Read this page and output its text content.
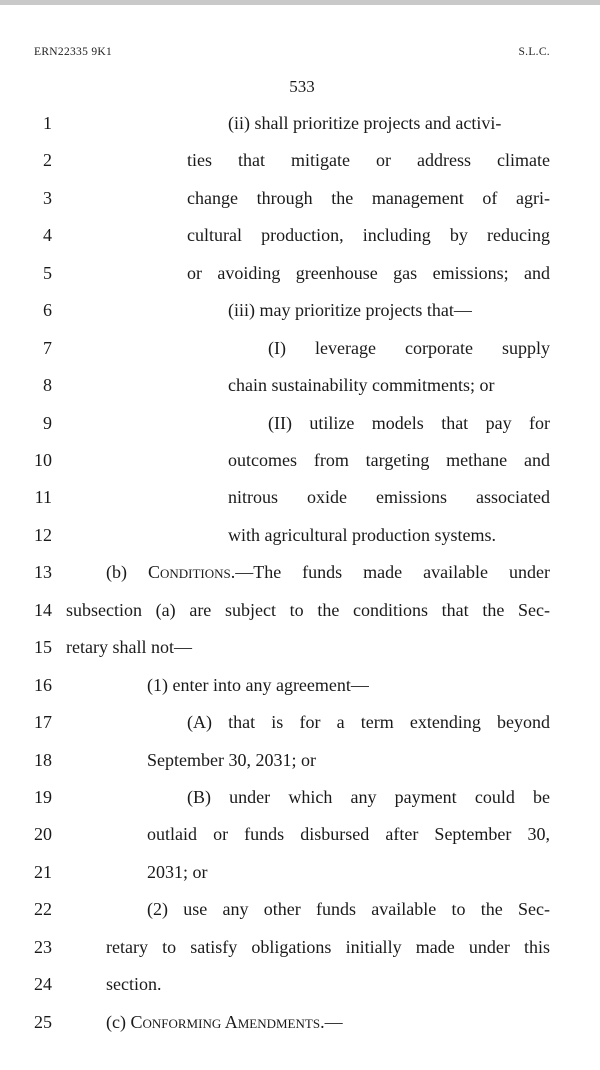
ERN22335 9K1	S.L.C.
533
1	(ii) shall prioritize projects and activi-
2	ties that mitigate or address climate
3	change through the management of agri-
4	cultural production, including by reducing
5	or avoiding greenhouse gas emissions; and
6	(iii) may prioritize projects that—
7	(I) leverage corporate supply
8	chain sustainability commitments; or
9	(II) utilize models that pay for
10	outcomes from targeting methane and
11	nitrous oxide emissions associated
12	with agricultural production systems.
13	(b) Conditions.—The funds made available under
14 subsection (a) are subject to the conditions that the Sec-
15 retary shall not—
16	(1) enter into any agreement—
17	(A) that is for a term extending beyond
18	September 30, 2031; or
19	(B) under which any payment could be
20	outlaid or funds disbursed after September 30,
21	2031; or
22	(2) use any other funds available to the Sec-
23	retary to satisfy obligations initially made under this
24	section.
25	(c) Conforming Amendments.—
